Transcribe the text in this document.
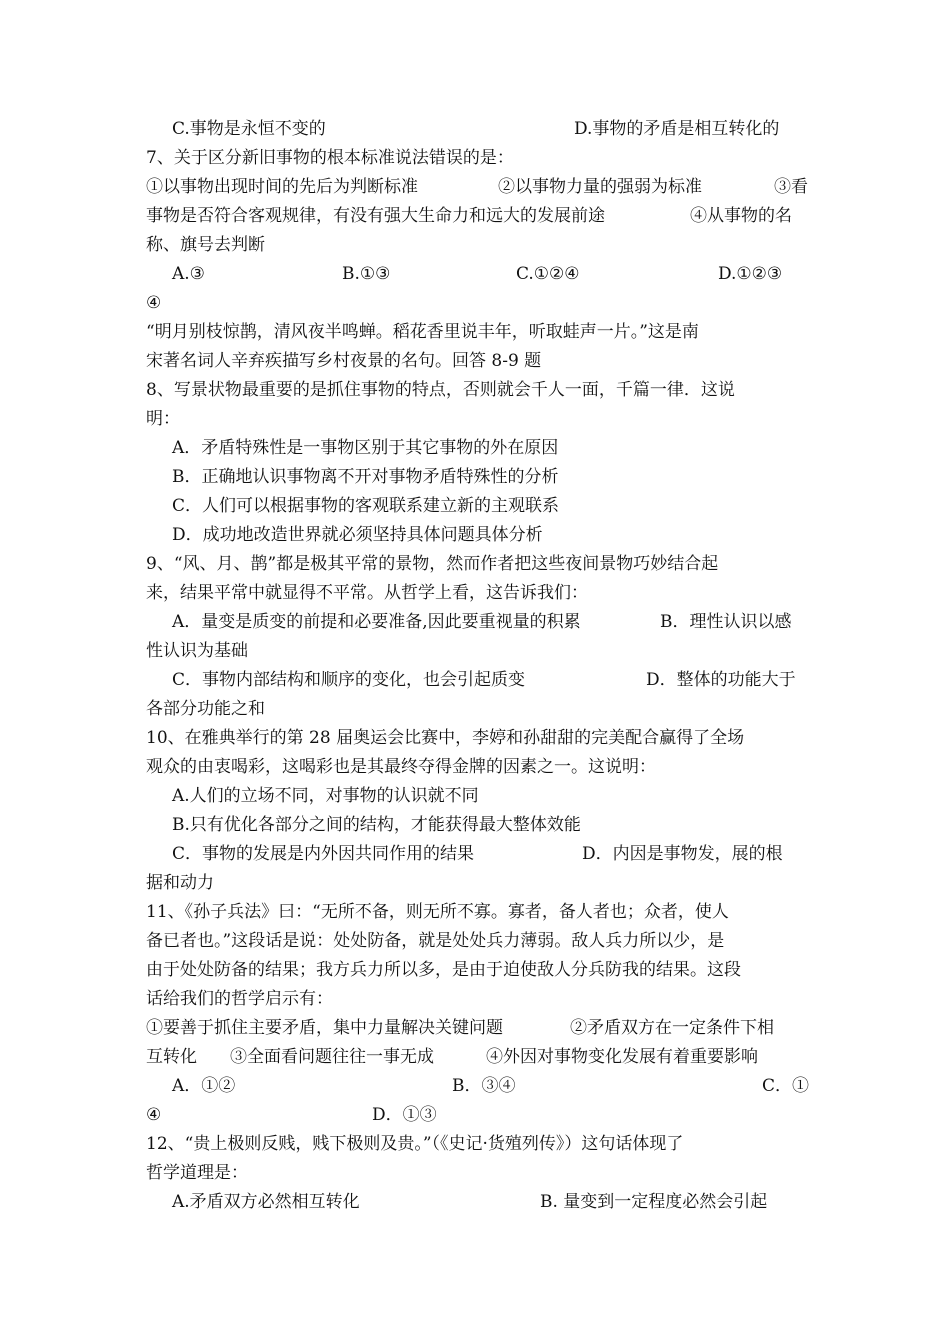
C.事物是永恒不变的	D.事物的矛盾是相互转化的
7、关于区分新旧事物的根本标准说法错误的是：
①以事物出现时间的先后为判断标准	②以事物力量的强弱为标准	③看
事物是否符合客观规律，有没有强大生命力和远大的发展前途	④从事物的名
称、旗号去判断
A.③	B.①③	C.①②④	D.①②③
④
“明月别枝惊鹊，清风夜半鸣蝉。稻花香里说丰年，听取蛙声一片。”这是南
宋著名词人辛弃疾描写乡村夜景的名句。回答 8-9 题
8、写景状物最重要的是抓住事物的特点，否则就会千人一面，千篇一律．这说
明：
A．矛盾特殊性是一事物区别于其它事物的外在原因
B．正确地认识事物离不开对事物矛盾特殊性的分析
C．人们可以根据事物的客观联系建立新的主观联系
D．成功地改造世界就必须坚持具体问题具体分析
9、“风、月、鹊”都是极其平常的景物，然而作者把这些夜间景物巧妙结合起
来，结果平常中就显得不平常。从哲学上看，这告诉我们：
A．量变是质变的前提和必要准备,因此要重视量的积累	B．理性认识以感
性认识为基础
C．事物内部结构和顺序的变化，也会引起质变	D．整体的功能大于
各部分功能之和
10、在雅典举行的第 28 届奥运会比赛中，李婷和孙甜甜的完美配合赢得了全场
观众的由衷喝彩，这喝彩也是其最终夺得金牌的因素之一。这说明：
A.人们的立场不同，对事物的认识就不同
B.只有优化各部分之间的结构，才能获得最大整体效能
C．事物的发展是内外因共同作用的结果	D．内因是事物发，展的根
据和动力
11、《孙子兵法》曰：“无所不备，则无所不寡。寡者，备人者也；众者，使人
备已者也。”这段话是说：处处防备，就是处处兵力薄弱。敌人兵力所以少，是
由于处处防备的结果；我方兵力所以多，是由于迫使敌人分兵防我的结果。这段
话给我们的哲学启示有：
①要善于抓住主要矛盾，集中力量解决关键问题	②矛盾双方在一定条件下相
互转化 ③全面看问题往往一事无成	④外因对事物变化发展有着重要影响
A．①②	B．③④	C．①
④	D．①③
12、“贵上极则反贱，贱下极则及贵。”（《史记·货殖列传》）这句话体现了
哲学道理是：
A.矛盾双方必然相互转化	B. 量变到一定程度必然会引起
